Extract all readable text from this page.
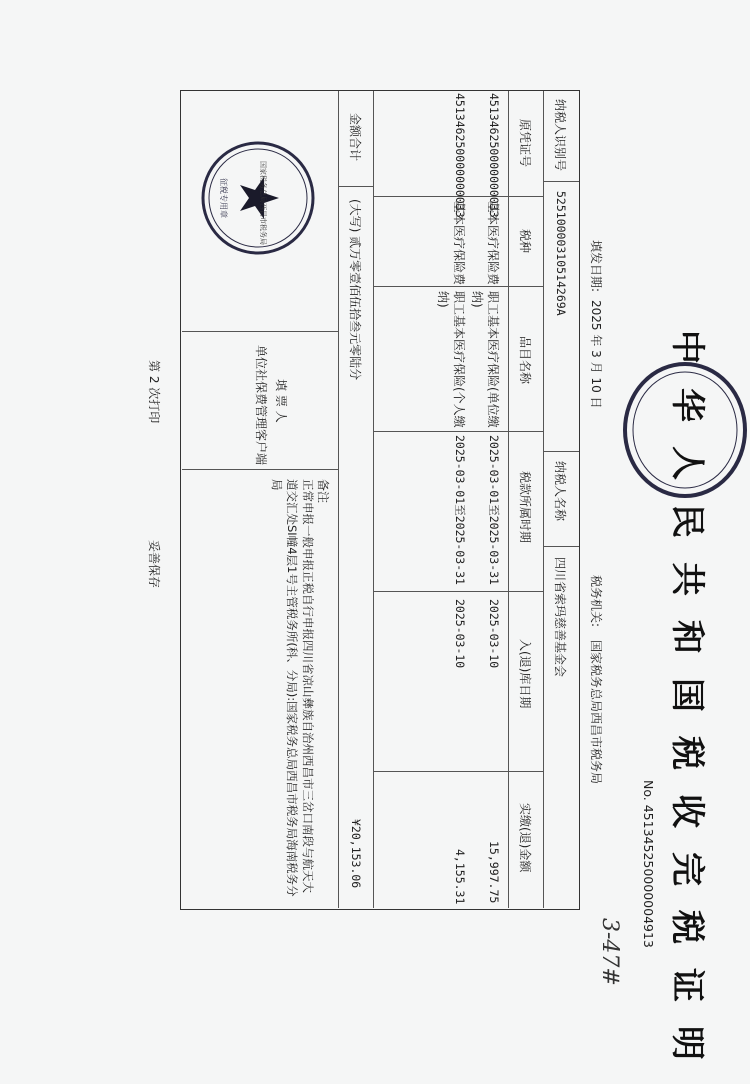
中华人民共和国税收完税证明
No. 451345250000004913
填发日期:
2025 年 3 月 10 日
税务机关:
国家税务总局西昌市税务局
纳税人识别号
52510000310514269A
纳税人名称
四川省索玛慈善基金会
原凭证号
税种
品目名称
税款所属时期
入(退)库日期
实缴(退)金额
451346250000000033
基本医疗保险费
职工基本医疗保险(单位缴纳)
2025-03-01至2025-03-31
2025-03-10
15,997.75
451346250000000033
基本医疗保险费
职工基本医疗保险(个人缴纳)
2025-03-01至2025-03-31
2025-03-10
4,155.31
金额合计
(大写) 贰万零壹佰伍拾叁元零陆分
¥20,153.06
征税专用章	国家税务总局西昌市税务局
填 票 人
单位社保费管理客户端
备注
正常申报一般申报正税自行申报四川省凉山彝族自治州西昌市三岔口南段与航天大道交汇处SI幢4层1号主管税务所(科、分局):国家税务总局西昌市税务局海南税务分局
第 2 次打印
妥善保存
3-47#
